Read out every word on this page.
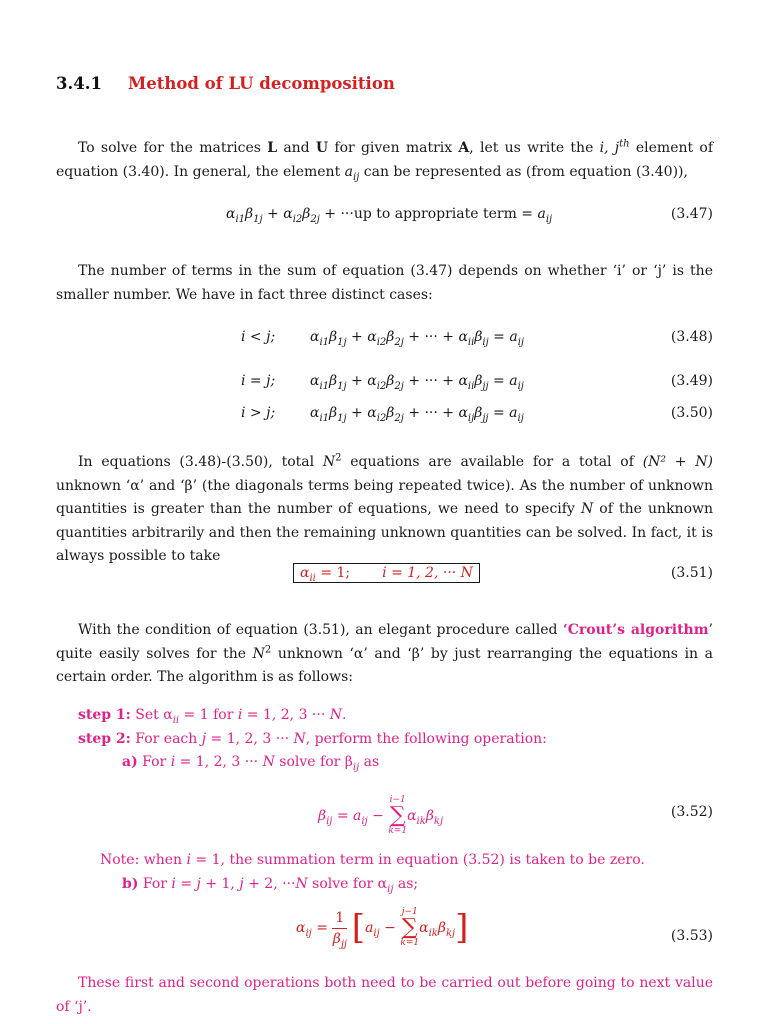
3.4.1 Method of LU decomposition
To solve for the matrices L and U for given matrix A, let us write the i, $j^{th}$ element of equation (3.40). In general, the element $a_{ij}$ can be represented as (from equation (3.40)),
$\alpha_{i1}\beta_{1j} + \alpha_{i2}\beta_{2j} + \cdot\cdot\cdot up$ to appropriate term = $a_{ij}$	(3.47)
The number of terms in the sum of equation (3.47) depends on whether ‘i’ or ‘j’ is the smaller number. We have in fact three distinct cases:
i < j; $\alpha_{i1}\beta_{1j} + \alpha_{i2}\beta_{2j}$ + ··· + $\alpha_{ii}\beta_{ij} = a_{ij}$	(3.48)
i = j; $\alpha_{i1}\beta_{1j} + \alpha_{i2}\beta_{2j}$ + ··· + $\alpha_{ii}\beta_{jj} = a_{ij}$	(3.49)
i > j; $\alpha_{i1}\beta_{1j} + \alpha_{i2}\beta_{2j}$ + ··· + $\alpha_{ij}\beta_{jj} = a_{ij}$	(3.50)
In equations (3.48)-(3.50), total $N^2$ equations are available for a total of (N² + N) unknown ‘α’ and ‘β’ (the diagonals terms being repeated twice). As the number of unknown quantities is greater than the number of equations, we need to specify N of the unknown quantities arbitrarily and then the remaining unknown quantities can be solved. In fact, it is always possible to take
$\alpha_{ii} = 1$; i = 1, 2, ··· N	(3.51)
With the condition of equation (3.51), an elegant procedure called ‘Crout’s algorithm’ quite easily solves for the $N^2$ unknown ‘α’ and ‘β’ by just rearranging the equations in a certain order. The algorithm is as follows:
step 1: Set $\alpha_{ii} = 1$ for i = 1, 2, 3 ··· N.
step 2: For each j = 1, 2, 3 ··· N, perform the following operation:
a) For i = 1, 2, 3 ··· N solve for $\beta_{ij}$ as
$\beta_{ij} = a_{ij}$ −
i−1
∑
k=1
$\alpha_{ik}\beta_{kj}$
(3.52)
Note: when i = 1, the summation term in equation (3.52) is taken to be zero.
b) For i = j + 1, j + 2, ···N solve for $\alpha_{ij}$ as;
$\alpha_{ij} = \frac{1}{\beta_{jj}} [a_{ij}$ −
j−1
∑
k=1
$\alpha_{ik}\beta_{kj}$]	(3.53)
These first and second operations both need to be carried out before going to next value of ‘j’.
